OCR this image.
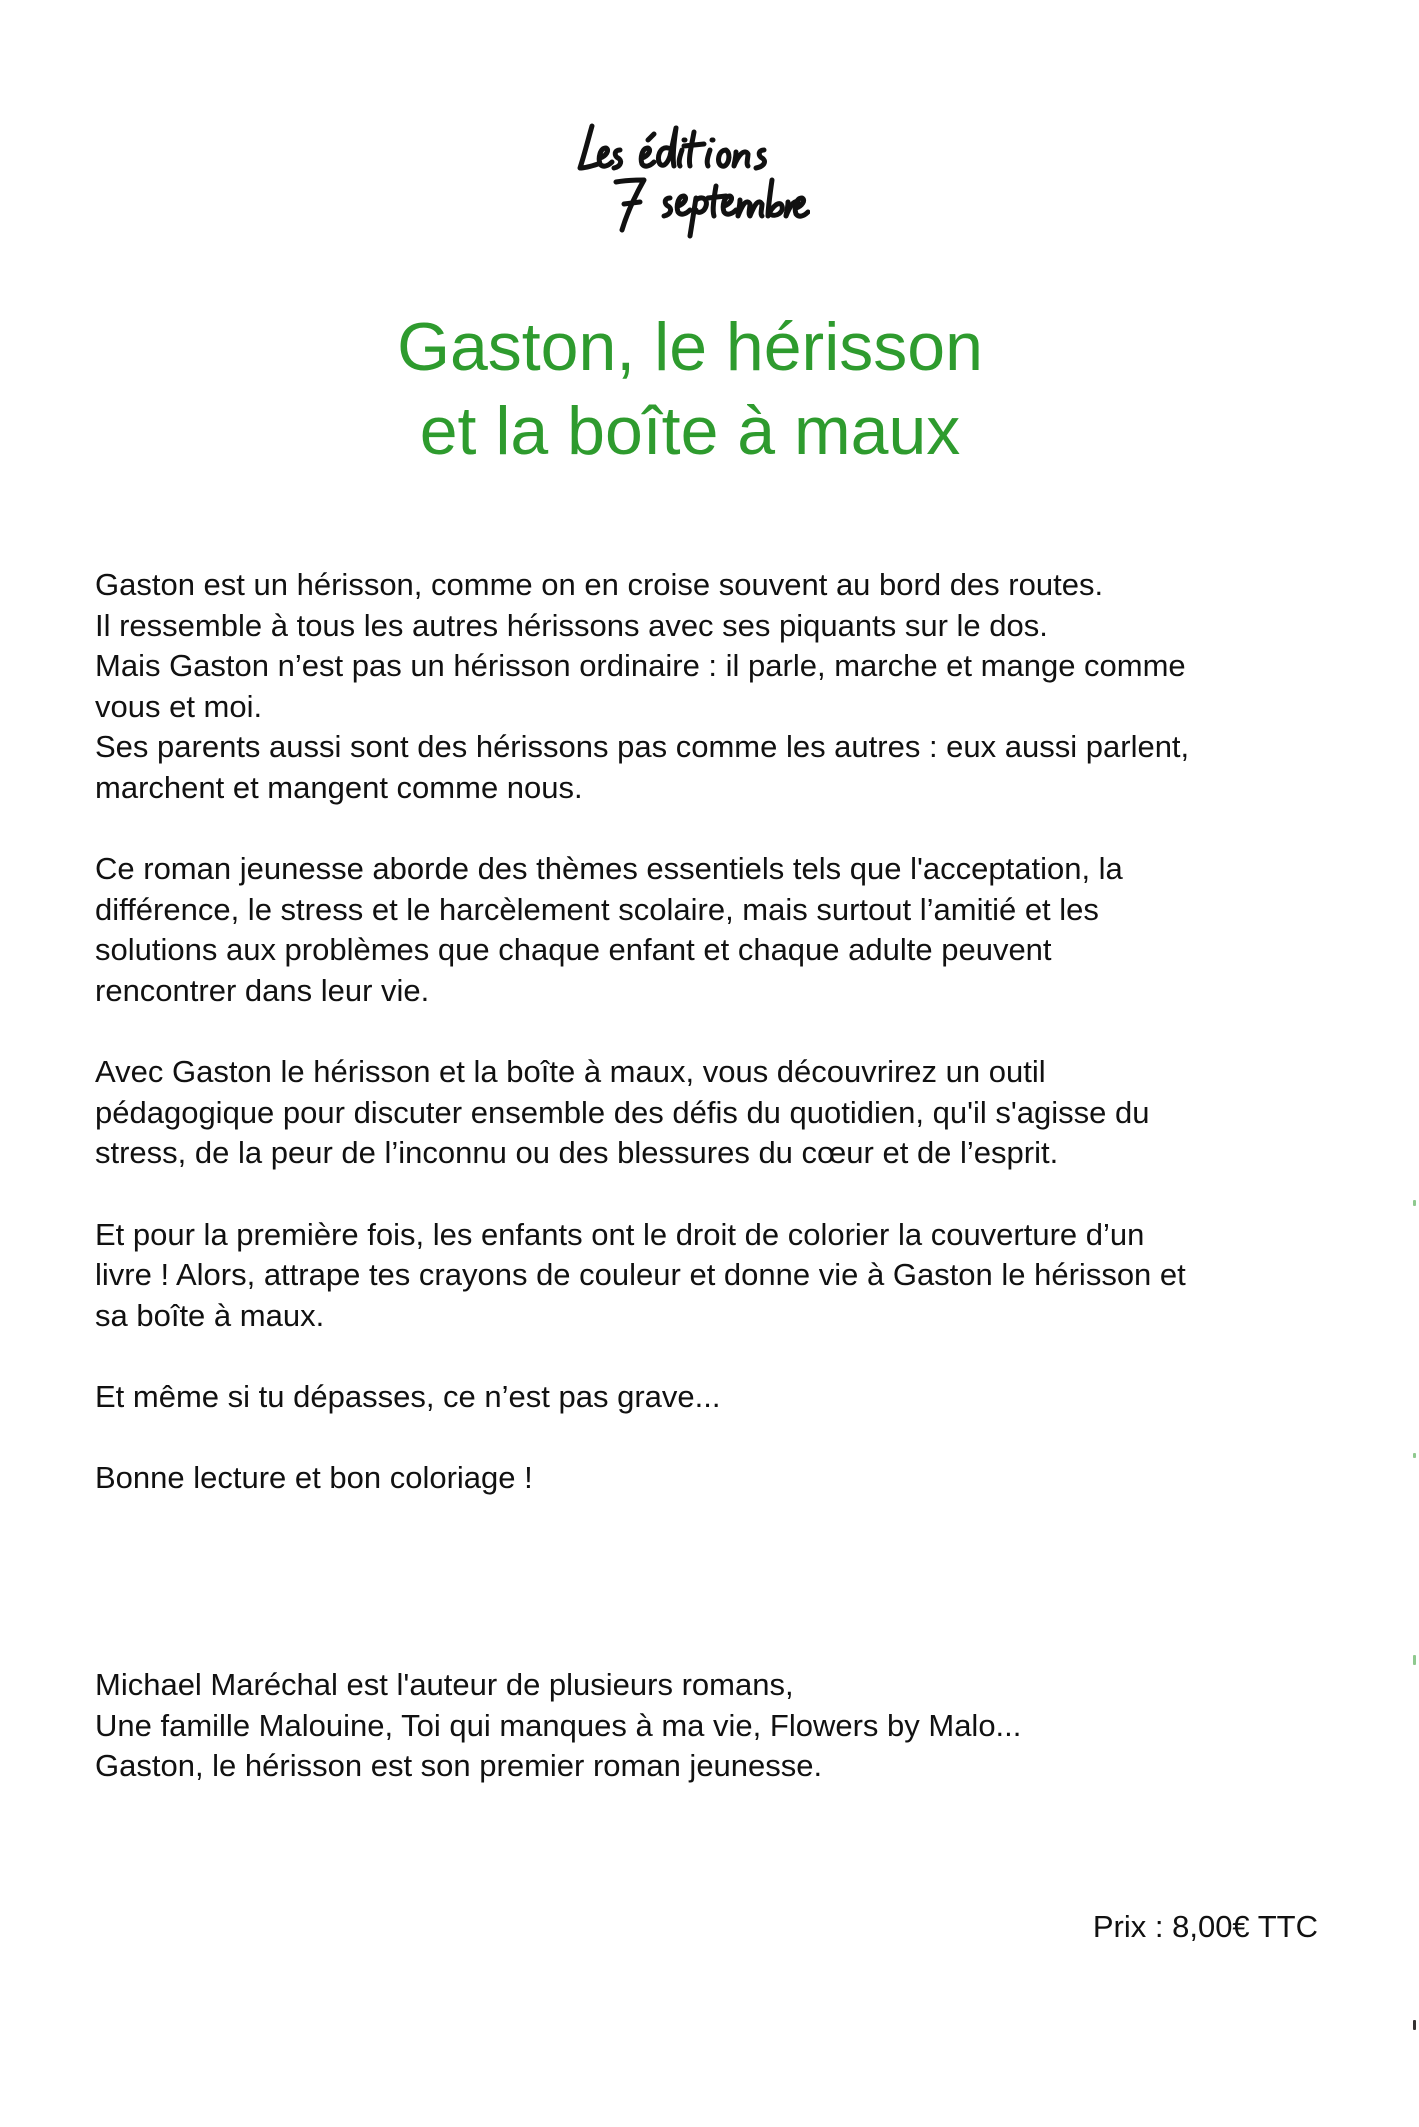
Gaston, le hérisson
et la boîte à maux

Gaston est un hérisson, comme on en croise souvent au bord des routes.
Il ressemble à tous les autres hérissons avec ses piquants sur le dos.
Mais Gaston n’est pas un hérisson ordinaire : il parle, marche et mange comme
vous et moi.
Ses parents aussi sont des hérissons pas comme les autres : eux aussi parlent,
marchent et mangent comme nous.

Ce roman jeunesse aborde des thèmes essentiels tels que l'acceptation, la
différence, le stress et le harcèlement scolaire, mais surtout l’amitié et les
solutions aux problèmes que chaque enfant et chaque adulte peuvent
rencontrer dans leur vie.

Avec Gaston le hérisson et la boîte à maux, vous découvrirez un outil
pédagogique pour discuter ensemble des défis du quotidien, qu'il s'agisse du
stress, de la peur de l’inconnu ou des blessures du cœur et de l’esprit.

Et pour la première fois, les enfants ont le droit de colorier la couverture d’un
livre ! Alors, attrape tes crayons de couleur et donne vie à Gaston le hérisson et
sa boîte à maux.

Et même si tu dépasses, ce n’est pas grave...

Bonne lecture et bon coloriage !

Michael Maréchal est l'auteur de plusieurs romans,
Une famille Malouine, Toi qui manques à ma vie, Flowers by Malo...
Gaston, le hérisson est son premier roman jeunesse.
Prix : 8,00€ TTC
